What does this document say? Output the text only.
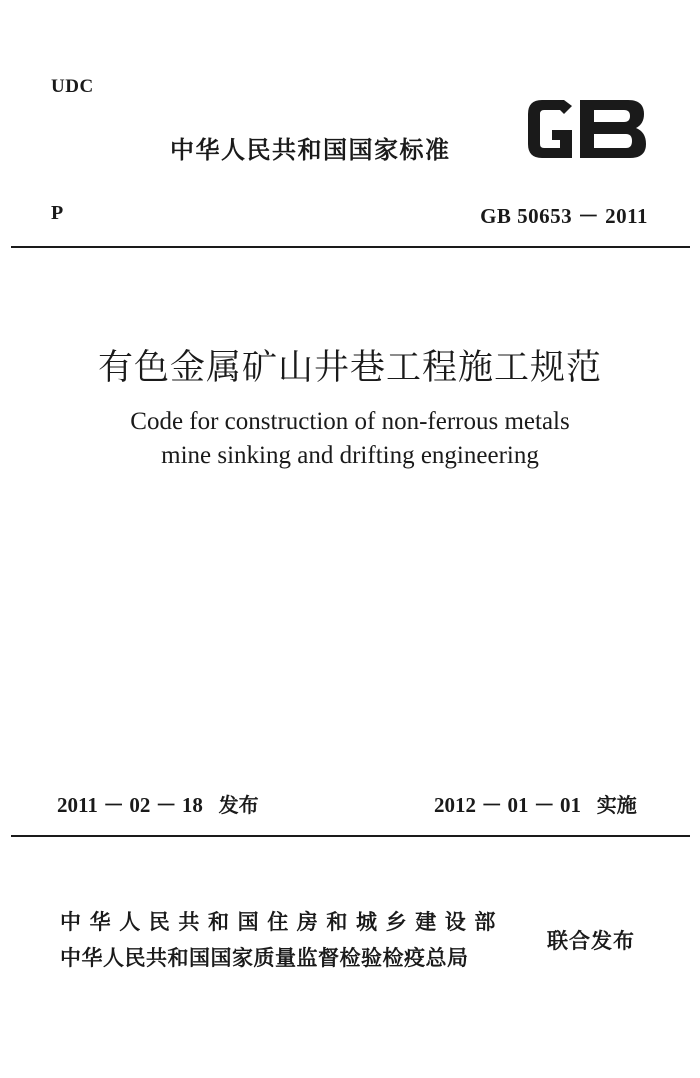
UDC
中华人民共和国国家标准
P	GB 50653 － 2011
有色金属矿山井巷工程施工规范
Code for construction of non-ferrous metals
mine sinking and drifting engineering
2011 － 02 － 18 发布	2012 － 01 － 01 实施
中华人民共和国住房和城乡建设部
中华人民共和国国家质量监督检验检疫总局
联合发布
